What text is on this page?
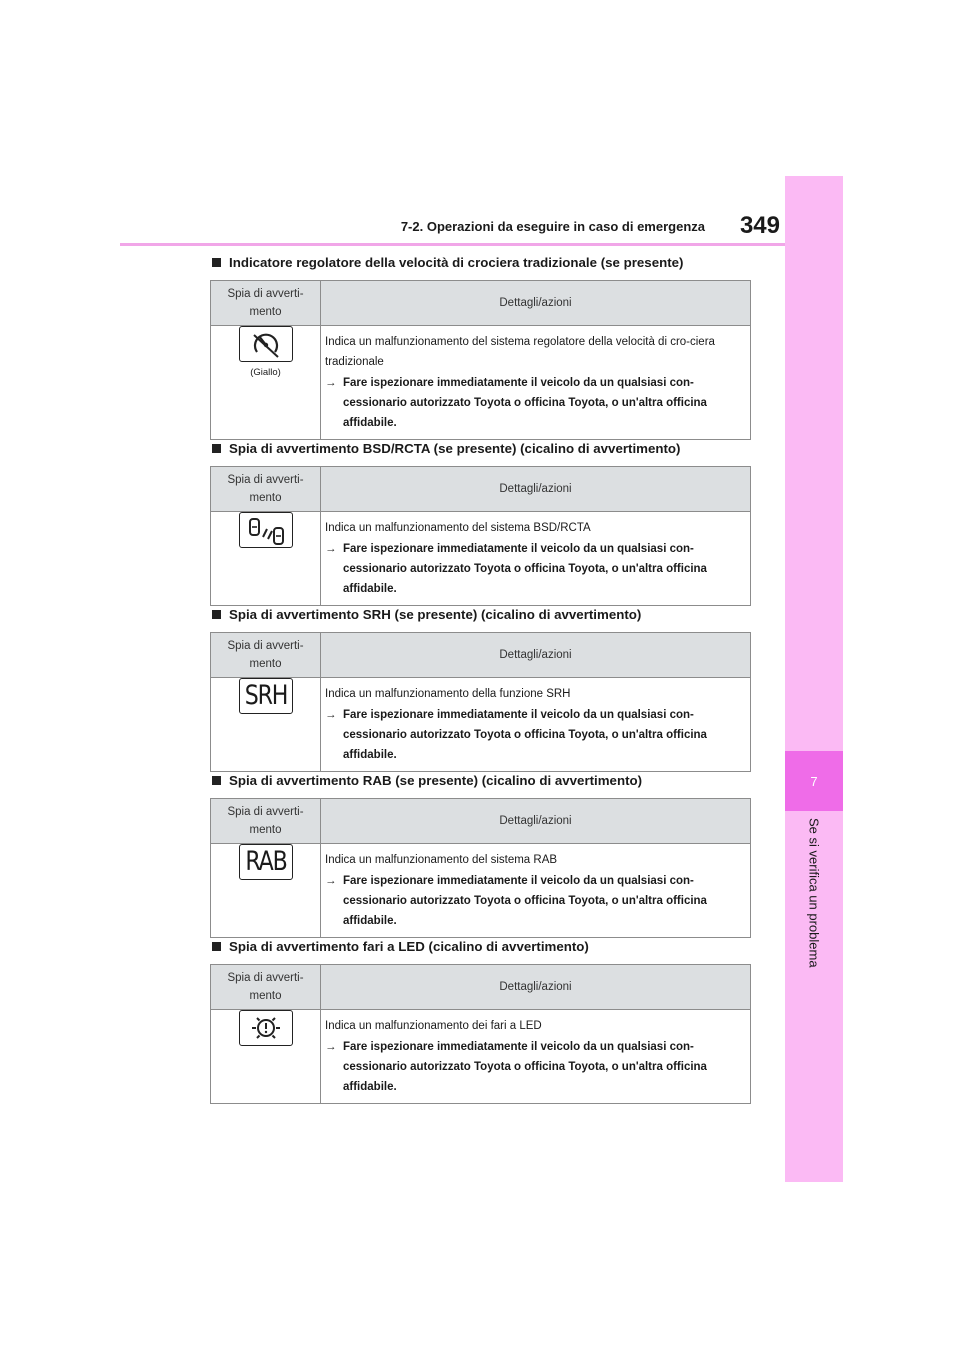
7
Se si verifica un problema
7-2. Operazioni da eseguire in caso di emergenza	349
Indicatore regolatore della velocità di crociera tradizionale (se presente)
Spia di avverti-
mento	Dettagli/azioni

(Giallo)	Indica un malfunzionamento del sistema regolatore della velocità di cro-ciera tradizionale
→ Fare ispezionare immediatamente il veicolo da un qualsiasi con-cessionario autorizzato Toyota o officina Toyota, o un'altra officina affidabile.
Spia di avvertimento BSD/RCTA (se presente) (cicalino di avvertimento)
Spia di avverti-
mento	Dettagli/azioni

Indica un malfunzionamento del sistema BSD/RCTA
→ Fare ispezionare immediatamente il veicolo da un qualsiasi con-cessionario autorizzato Toyota o officina Toyota, o un'altra officina affidabile.
Spia di avvertimento SRH (se presente) (cicalino di avvertimento)
Spia di avverti-
mento	Dettagli/azioni

SRH	Indica un malfunzionamento della funzione SRH
→ Fare ispezionare immediatamente il veicolo da un qualsiasi con-cessionario autorizzato Toyota o officina Toyota, o un'altra officina affidabile.
Spia di avvertimento RAB (se presente) (cicalino di avvertimento)
Spia di avverti-
mento	Dettagli/azioni

RAB	Indica un malfunzionamento del sistema RAB
→ Fare ispezionare immediatamente il veicolo da un qualsiasi con-cessionario autorizzato Toyota o officina Toyota, o un'altra officina affidabile.
Spia di avvertimento fari a LED (cicalino di avvertimento)
Spia di avverti-
mento	Dettagli/azioni

Indica un malfunzionamento dei fari a LED
→ Fare ispezionare immediatamente il veicolo da un qualsiasi con-cessionario autorizzato Toyota o officina Toyota, o un'altra officina affidabile.
